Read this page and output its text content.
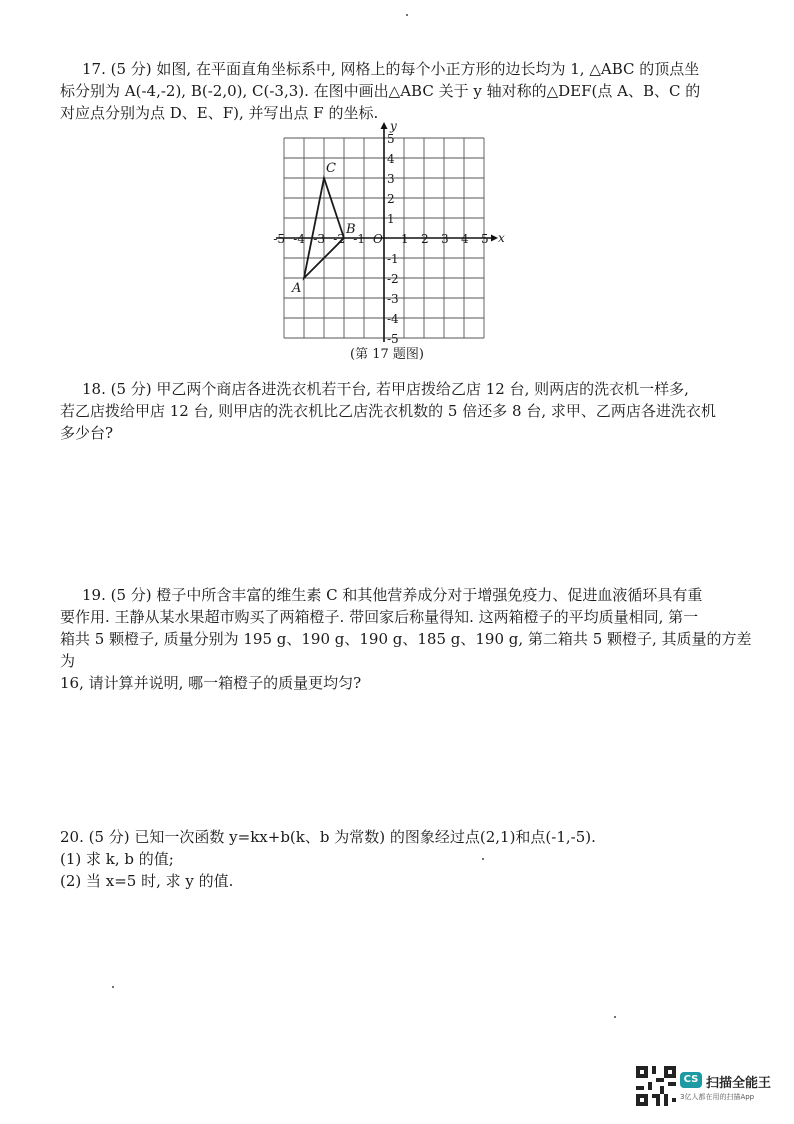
17. (5 分) 如图, 在平面直角坐标系中, 网格上的每个小正方形的边长均为 1, △ABC 的顶点坐

标分别为 A(-4,-2), B(-2,0), C(-3,3). 在图中画出△ABC 关于 y 轴对称的△DEF(点 A、B、C 的

对应点分别为点 D、E、F), 并写出点 F 的坐标.

x
y
O
-5 -4 -3 -2 -1	1 2 3 4 5
5
4
3
2
1
-1
-2
-3
-4
-5
A
B
C
(第 17 题图)

18. (5 分) 甲乙两个商店各进洗衣机若干台, 若甲店拨给乙店 12 台, 则两店的洗衣机一样多,

若乙店拨给甲店 12 台, 则甲店的洗衣机比乙店洗衣机数的 5 倍还多 8 台, 求甲、乙两店各进洗衣机

多少台?

19. (5 分) 橙子中所含丰富的维生素 C 和其他营养成分对于增强免疫力、促进血液循环具有重

要作用. 王静从某水果超市购买了两箱橙子. 带回家后称量得知. 这两箱橙子的平均质量相同, 第一

箱共 5 颗橙子, 质量分别为 195 g、190 g、190 g、185 g、190 g, 第二箱共 5 颗橙子, 其质量的方差为

16, 请计算并说明, 哪一箱橙子的质量更均匀?

20. (5 分) 已知一次函数 y=kx+b(k、b 为常数) 的图象经过点(2,1)和点(-1,-5).

(1) 求 k, b 的值;

(2) 当 x=5 时, 求 y 的值.

CS 扫描全能王
3亿人都在用的扫描App
